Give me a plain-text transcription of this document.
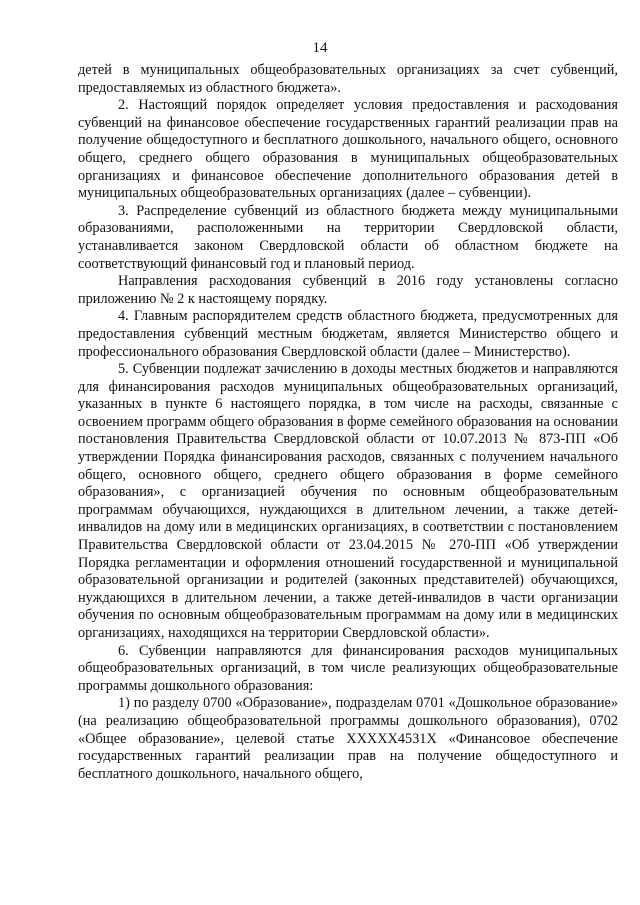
14

детей в муниципальных общеобразовательных организациях за счет субвенций, предоставляемых из областного бюджета».

2. Настоящий порядок определяет условия предоставления и расходования субвенций на финансовое обеспечение государственных гарантий реализации прав на получение общедоступного и бесплатного дошкольного, начального общего, основного общего, среднего общего образования в муниципальных общеобразовательных организациях и финансовое обеспечение дополнительного образования детей в муниципальных общеобразовательных организациях (далее – субвенции).

3. Распределение субвенций из областного бюджета между муниципальными образованиями, расположенными на территории Свердловской области, устанавливается законом Свердловской области об областном бюджете на соответствующий финансовый год и плановый период.

Направления расходования субвенций в 2016 году установлены согласно приложению № 2 к настоящему порядку.

4. Главным распорядителем средств областного бюджета, предусмотренных для предоставления субвенций местным бюджетам, является Министерство общего и профессионального образования Свердловской области (далее – Министерство).

5. Субвенции подлежат зачислению в доходы местных бюджетов и направляются для финансирования расходов муниципальных общеобразовательных организаций, указанных в пункте 6 настоящего порядка, в том числе на расходы, связанные с освоением программ общего образования в форме семейного образования на основании постановления Правительства Свердловской области от 10.07.2013 № 873-ПП «Об утверждении Порядка финансирования расходов, связанных с получением начального общего, основного общего, среднего общего образования в форме семейного образования», с организацией обучения по основным общеобразовательным программам обучающихся, нуждающихся в длительном лечении, а также детей-инвалидов на дому или в медицинских организациях, в соответствии с постановлением Правительства Свердловской области от 23.04.2015 № 270-ПП «Об утверждении Порядка регламентации и оформления отношений государственной и муниципальной образовательной организации и родителей (законных представителей) обучающихся, нуждающихся в длительном лечении, а также детей-инвалидов в части организации обучения по основным общеобразовательным программам на дому или в медицинских организациях, находящихся на территории Свердловской области».

6. Субвенции направляются для финансирования расходов муниципальных общеобразовательных организаций, в том числе реализующих общеобразовательные программы дошкольного образования:

1) по разделу 0700 «Образование», подразделам 0701 «Дошкольное образование» (на реализацию общеобразовательной программы дошкольного образования), 0702 «Общее образование», целевой статье ХХХХХ4531Х «Финансовое обеспечение государственных гарантий реализации прав на получение общедоступного и бесплатного дошкольного, начального общего,
